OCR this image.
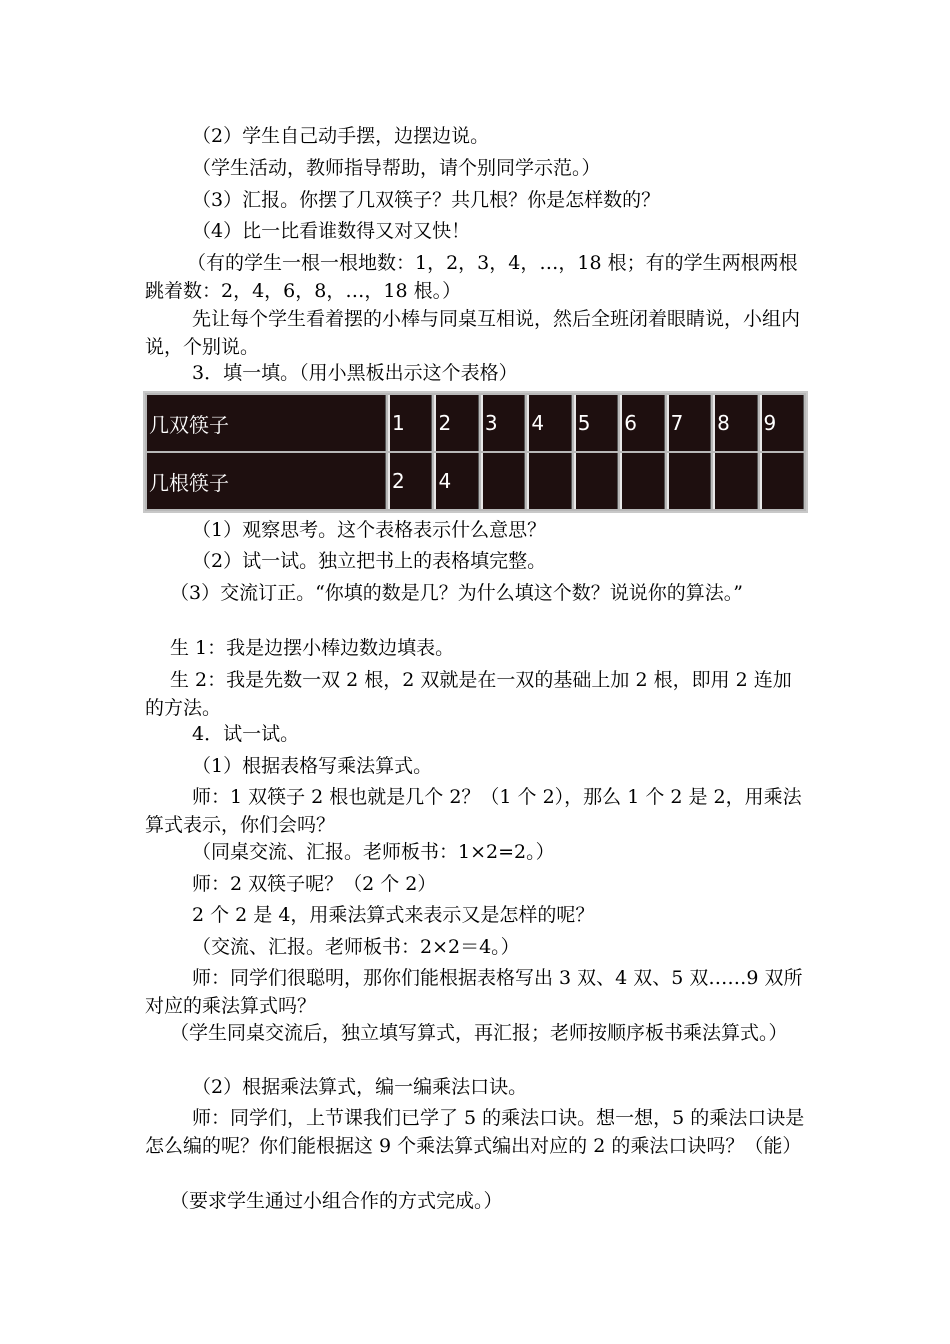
（2）学生自己动手摆，边摆边说。

（学生活动，教师指导帮助，请个别同学示范。）

（3）汇报。你摆了几双筷子？共几根？你是怎样数的？

（4）比一比看谁数得又对又快！

（有的学生一根一根地数：1，2，3，4，…，18 根；有的学生两根两根跳着数：2，4，6，8，…，18 根。）

先让每个学生看着摆的小棒与同桌互相说，然后全班闭着眼睛说，小组内说，个别说。

3．填一填。（用小黑板出示这个表格）

几双筷子	1	2	3	4	5	6	7	8	9
几根筷子	2	4							

（1）观察思考。这个表格表示什么意思？

（2）试一试。独立把书上的表格填完整。

（3）交流订正。“你填的数是几？为什么填这个数？说说你的算法。”

生 1：我是边摆小棒边数边填表。

生 2：我是先数一双 2 根，2 双就是在一双的基础上加 2 根，即用 2 连加的方法。

4．试一试。

（1）根据表格写乘法算式。

师：1 双筷子 2 根也就是几个 2？（1 个 2），那么 1 个 2 是 2，用乘法算式表示，你们会吗？

（同桌交流、汇报。老师板书：1×2=2。）

师：2 双筷子呢？（2 个 2）

2 个 2 是 4，用乘法算式来表示又是怎样的呢？

（交流、汇报。老师板书：2×2＝4。）

师：同学们很聪明，那你们能根据表格写出 3 双、4 双、5 双……9 双所对应的乘法算式吗？

（学生同桌交流后，独立填写算式，再汇报；老师按顺序板书乘法算式。）

（2）根据乘法算式，编一编乘法口诀。

师：同学们，上节课我们已学了 5 的乘法口诀。想一想，5 的乘法口诀是怎么编的呢？你们能根据这 9 个乘法算式编出对应的 2 的乘法口诀吗？（能）

（要求学生通过小组合作的方式完成。）
